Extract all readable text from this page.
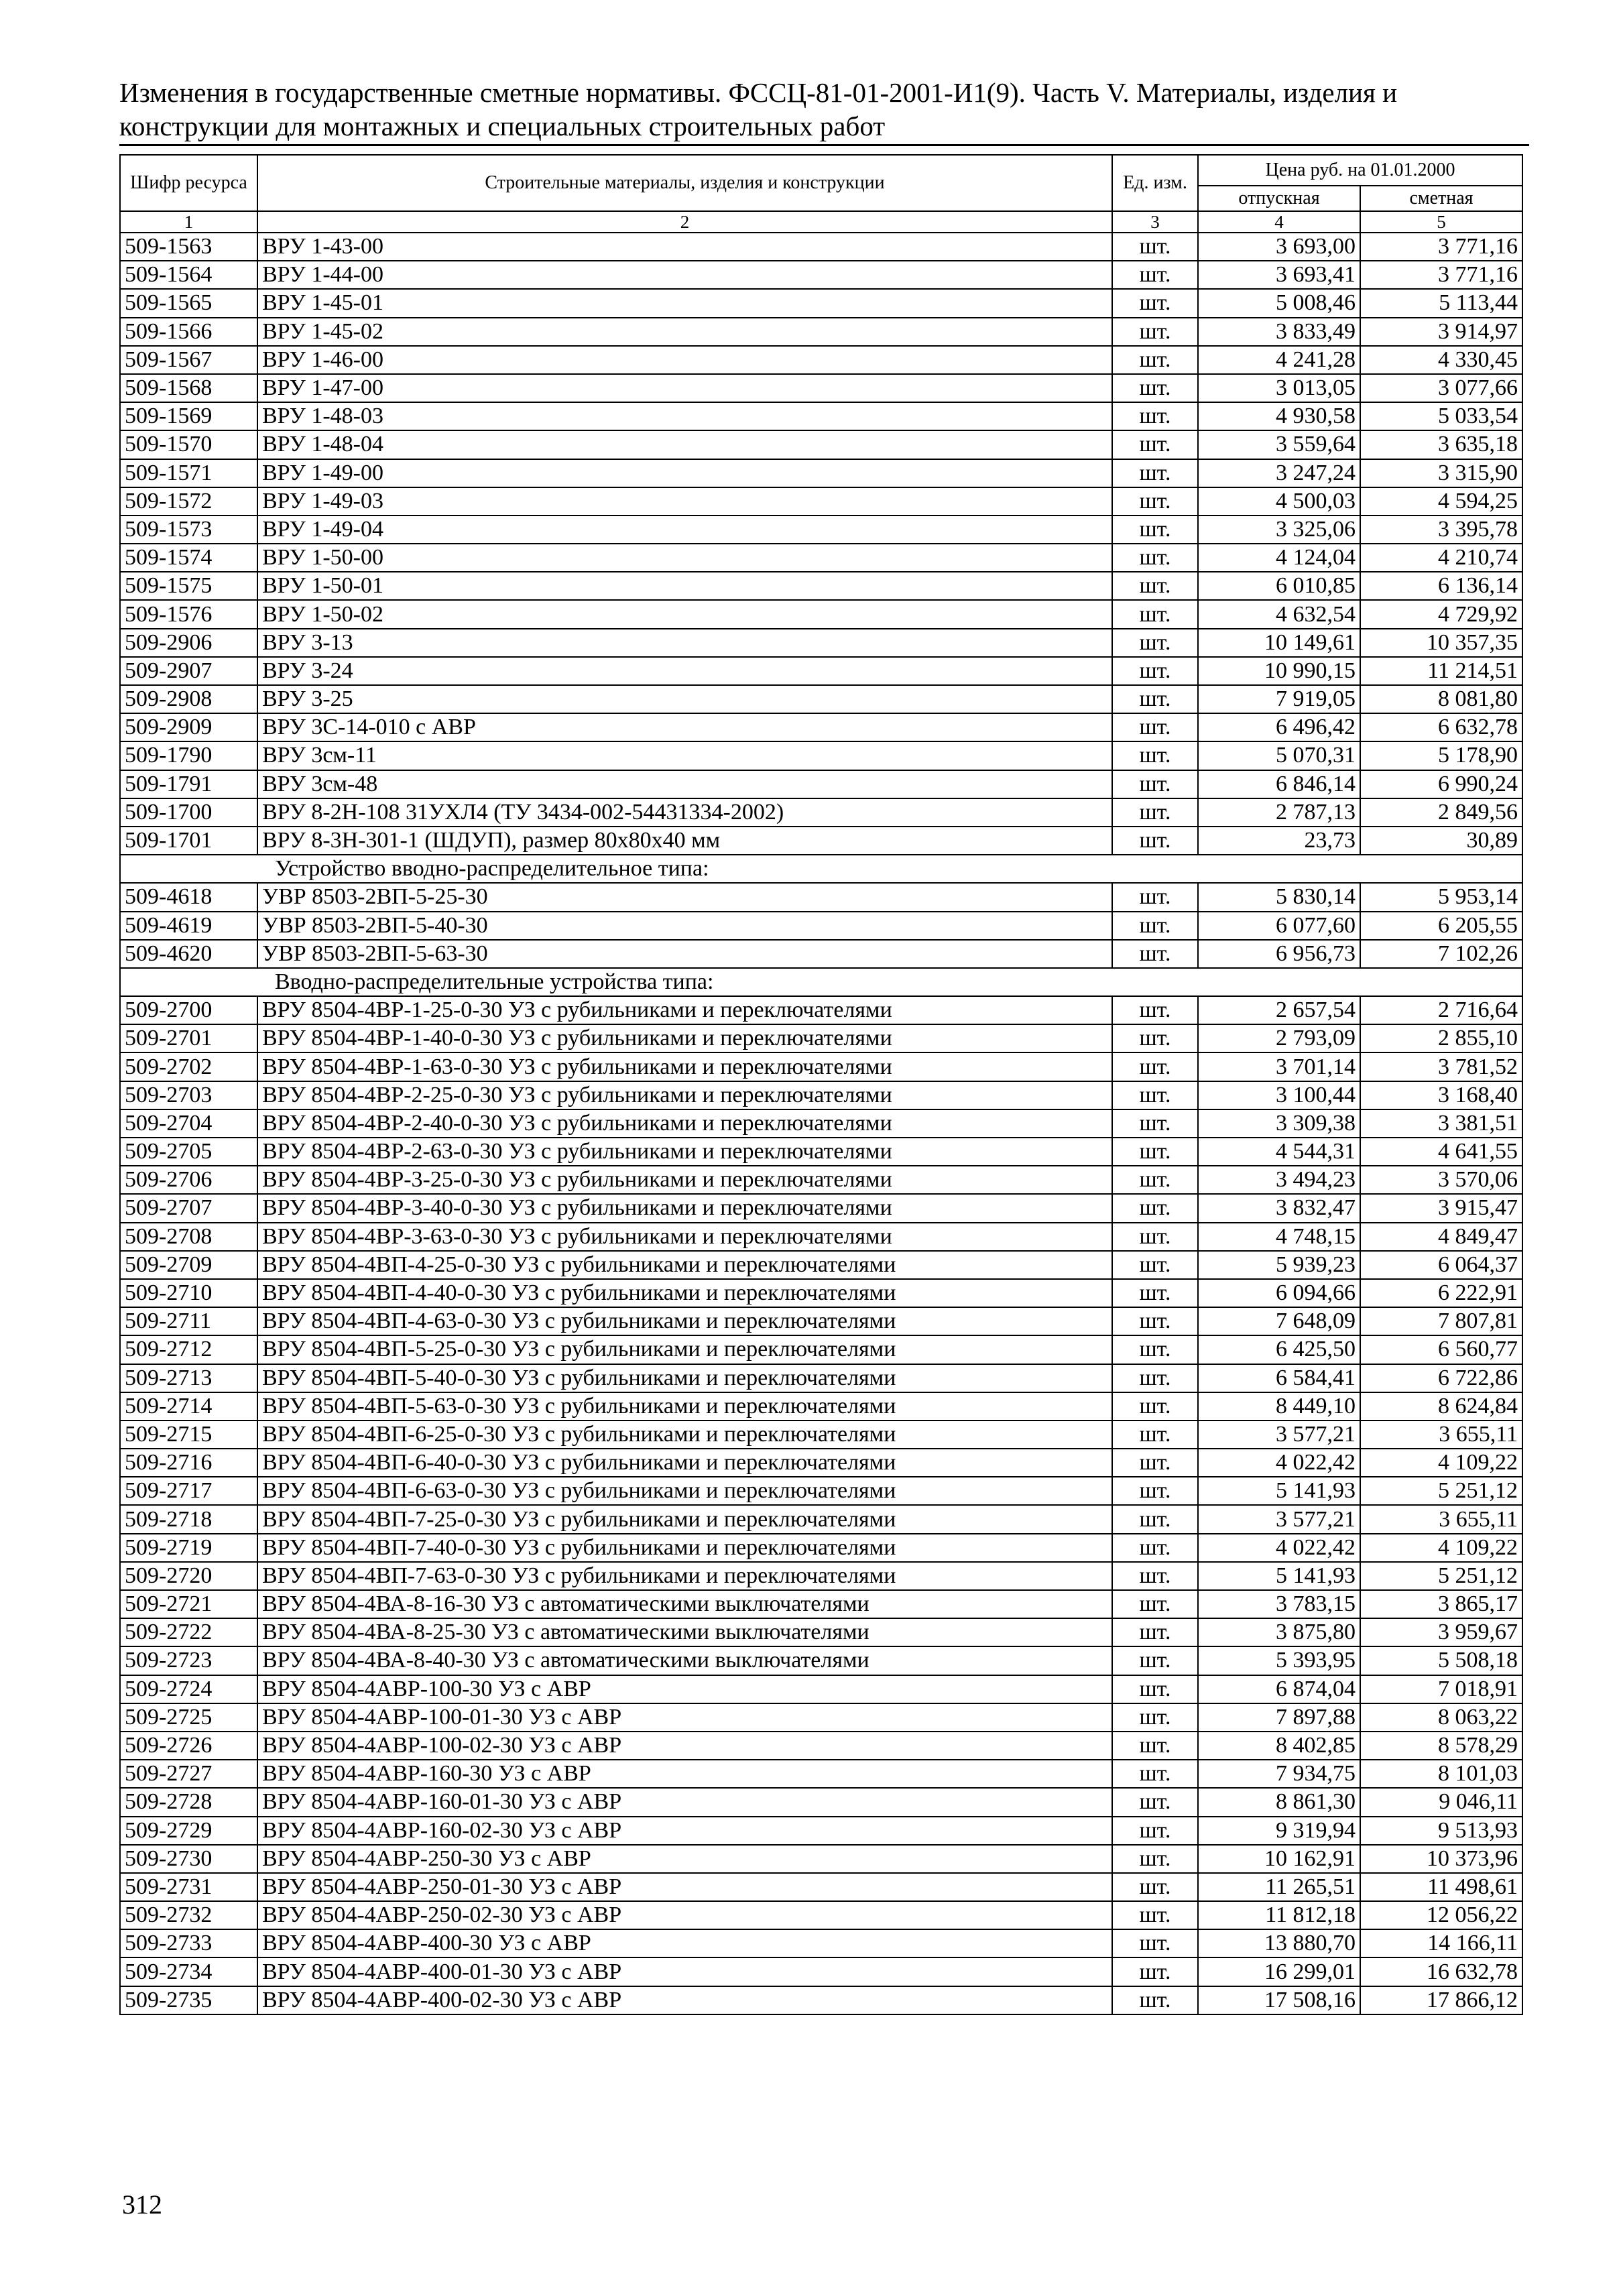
Изменения в государственные сметные нормативы. ФССЦ-81-01-2001-И1(9). Часть V. Материалы, изделия и
конструкции для монтажных и специальных строительных работ
Шифр ресурса	Строительные материалы, изделия и конструкции	Ед. изм.	Цена руб. на 01.01.2000	
			отпускная	сметная
1	2	3	4	5
509-1563	ВРУ 1-43-00	шт.	3 693,00	3 771,16
509-1564	ВРУ 1-44-00	шт.	3 693,41	3 771,16
509-1565	ВРУ 1-45-01	шт.	5 008,46	5 113,44
509-1566	ВРУ 1-45-02	шт.	3 833,49	3 914,97
509-1567	ВРУ 1-46-00	шт.	4 241,28	4 330,45
509-1568	ВРУ 1-47-00	шт.	3 013,05	3 077,66
509-1569	ВРУ 1-48-03	шт.	4 930,58	5 033,54
509-1570	ВРУ 1-48-04	шт.	3 559,64	3 635,18
509-1571	ВРУ 1-49-00	шт.	3 247,24	3 315,90
509-1572	ВРУ 1-49-03	шт.	4 500,03	4 594,25
509-1573	ВРУ 1-49-04	шт.	3 325,06	3 395,78
509-1574	ВРУ 1-50-00	шт.	4 124,04	4 210,74
509-1575	ВРУ 1-50-01	шт.	6 010,85	6 136,14
509-1576	ВРУ 1-50-02	шт.	4 632,54	4 729,92
509-2906	ВРУ 3-13	шт.	10 149,61	10 357,35
509-2907	ВРУ 3-24	шт.	10 990,15	11 214,51
509-2908	ВРУ 3-25	шт.	7 919,05	8 081,80
509-2909	ВРУ 3С-14-010 с АВР	шт.	6 496,42	6 632,78
509-1790	ВРУ 3см-11	шт.	5 070,31	5 178,90
509-1791	ВРУ 3см-48	шт.	6 846,14	6 990,24
509-1700	ВРУ 8-2Н-108 31УХЛ4 (ТУ 3434-002-54431334-2002)	шт.	2 787,13	2 849,56
509-1701	ВРУ 8-3Н-301-1 (ШДУП), размер 80х80х40 мм	шт.	23,73	30,89
Устройство вводно-распределительное типа:				
509-4618	УВР 8503-2ВП-5-25-30	шт.	5 830,14	5 953,14
509-4619	УВР 8503-2ВП-5-40-30	шт.	6 077,60	6 205,55
509-4620	УВР 8503-2ВП-5-63-30	шт.	6 956,73	7 102,26
Вводно-распределительные устройства типа:				
509-2700	ВРУ 8504-4ВР-1-25-0-30 УЗ с рубильниками и переключателями	шт.	2 657,54	2 716,64
509-2701	ВРУ 8504-4ВР-1-40-0-30 УЗ с рубильниками и переключателями	шт.	2 793,09	2 855,10
509-2702	ВРУ 8504-4ВР-1-63-0-30 УЗ с рубильниками и переключателями	шт.	3 701,14	3 781,52
509-2703	ВРУ 8504-4ВР-2-25-0-30 УЗ с рубильниками и переключателями	шт.	3 100,44	3 168,40
509-2704	ВРУ 8504-4ВР-2-40-0-30 УЗ с рубильниками и переключателями	шт.	3 309,38	3 381,51
509-2705	ВРУ 8504-4ВР-2-63-0-30 УЗ с рубильниками и переключателями	шт.	4 544,31	4 641,55
509-2706	ВРУ 8504-4ВР-3-25-0-30 УЗ с рубильниками и переключателями	шт.	3 494,23	3 570,06
509-2707	ВРУ 8504-4ВР-3-40-0-30 УЗ с рубильниками и переключателями	шт.	3 832,47	3 915,47
509-2708	ВРУ 8504-4ВР-3-63-0-30 УЗ с рубильниками и переключателями	шт.	4 748,15	4 849,47
509-2709	ВРУ 8504-4ВП-4-25-0-30 УЗ с рубильниками и переключателями	шт.	5 939,23	6 064,37
509-2710	ВРУ 8504-4ВП-4-40-0-30 УЗ с рубильниками и переключателями	шт.	6 094,66	6 222,91
509-2711	ВРУ 8504-4ВП-4-63-0-30 УЗ с рубильниками и переключателями	шт.	7 648,09	7 807,81
509-2712	ВРУ 8504-4ВП-5-25-0-30 УЗ с рубильниками и переключателями	шт.	6 425,50	6 560,77
509-2713	ВРУ 8504-4ВП-5-40-0-30 УЗ с рубильниками и переключателями	шт.	6 584,41	6 722,86
509-2714	ВРУ 8504-4ВП-5-63-0-30 УЗ с рубильниками и переключателями	шт.	8 449,10	8 624,84
509-2715	ВРУ 8504-4ВП-6-25-0-30 УЗ с рубильниками и переключателями	шт.	3 577,21	3 655,11
509-2716	ВРУ 8504-4ВП-6-40-0-30 УЗ с рубильниками и переключателями	шт.	4 022,42	4 109,22
509-2717	ВРУ 8504-4ВП-6-63-0-30 УЗ с рубильниками и переключателями	шт.	5 141,93	5 251,12
509-2718	ВРУ 8504-4ВП-7-25-0-30 УЗ с рубильниками и переключателями	шт.	3 577,21	3 655,11
509-2719	ВРУ 8504-4ВП-7-40-0-30 УЗ с рубильниками и переключателями	шт.	4 022,42	4 109,22
509-2720	ВРУ 8504-4ВП-7-63-0-30 УЗ с рубильниками и переключателями	шт.	5 141,93	5 251,12
509-2721	ВРУ 8504-4ВА-8-16-30 УЗ с автоматическими выключателями	шт.	3 783,15	3 865,17
509-2722	ВРУ 8504-4ВА-8-25-30 УЗ с автоматическими выключателями	шт.	3 875,80	3 959,67
509-2723	ВРУ 8504-4ВА-8-40-30 УЗ с автоматическими выключателями	шт.	5 393,95	5 508,18
509-2724	ВРУ 8504-4АВР-100-30 УЗ с АВР	шт.	6 874,04	7 018,91
509-2725	ВРУ 8504-4АВР-100-01-30 УЗ с АВР	шт.	7 897,88	8 063,22
509-2726	ВРУ 8504-4АВР-100-02-30 УЗ с АВР	шт.	8 402,85	8 578,29
509-2727	ВРУ 8504-4АВР-160-30 УЗ с АВР	шт.	7 934,75	8 101,03
509-2728	ВРУ 8504-4АВР-160-01-30 УЗ с АВР	шт.	8 861,30	9 046,11
509-2729	ВРУ 8504-4АВР-160-02-30 УЗ с АВР	шт.	9 319,94	9 513,93
509-2730	ВРУ 8504-4АВР-250-30 УЗ с АВР	шт.	10 162,91	10 373,96
509-2731	ВРУ 8504-4АВР-250-01-30 УЗ с АВР	шт.	11 265,51	11 498,61
509-2732	ВРУ 8504-4АВР-250-02-30 УЗ с АВР	шт.	11 812,18	12 056,22
509-2733	ВРУ 8504-4АВР-400-30 УЗ с АВР	шт.	13 880,70	14 166,11
509-2734	ВРУ 8504-4АВР-400-01-30 УЗ с АВР	шт.	16 299,01	16 632,78
509-2735	ВРУ 8504-4АВР-400-02-30 УЗ с АВР	шт.	17 508,16	17 866,12
312
